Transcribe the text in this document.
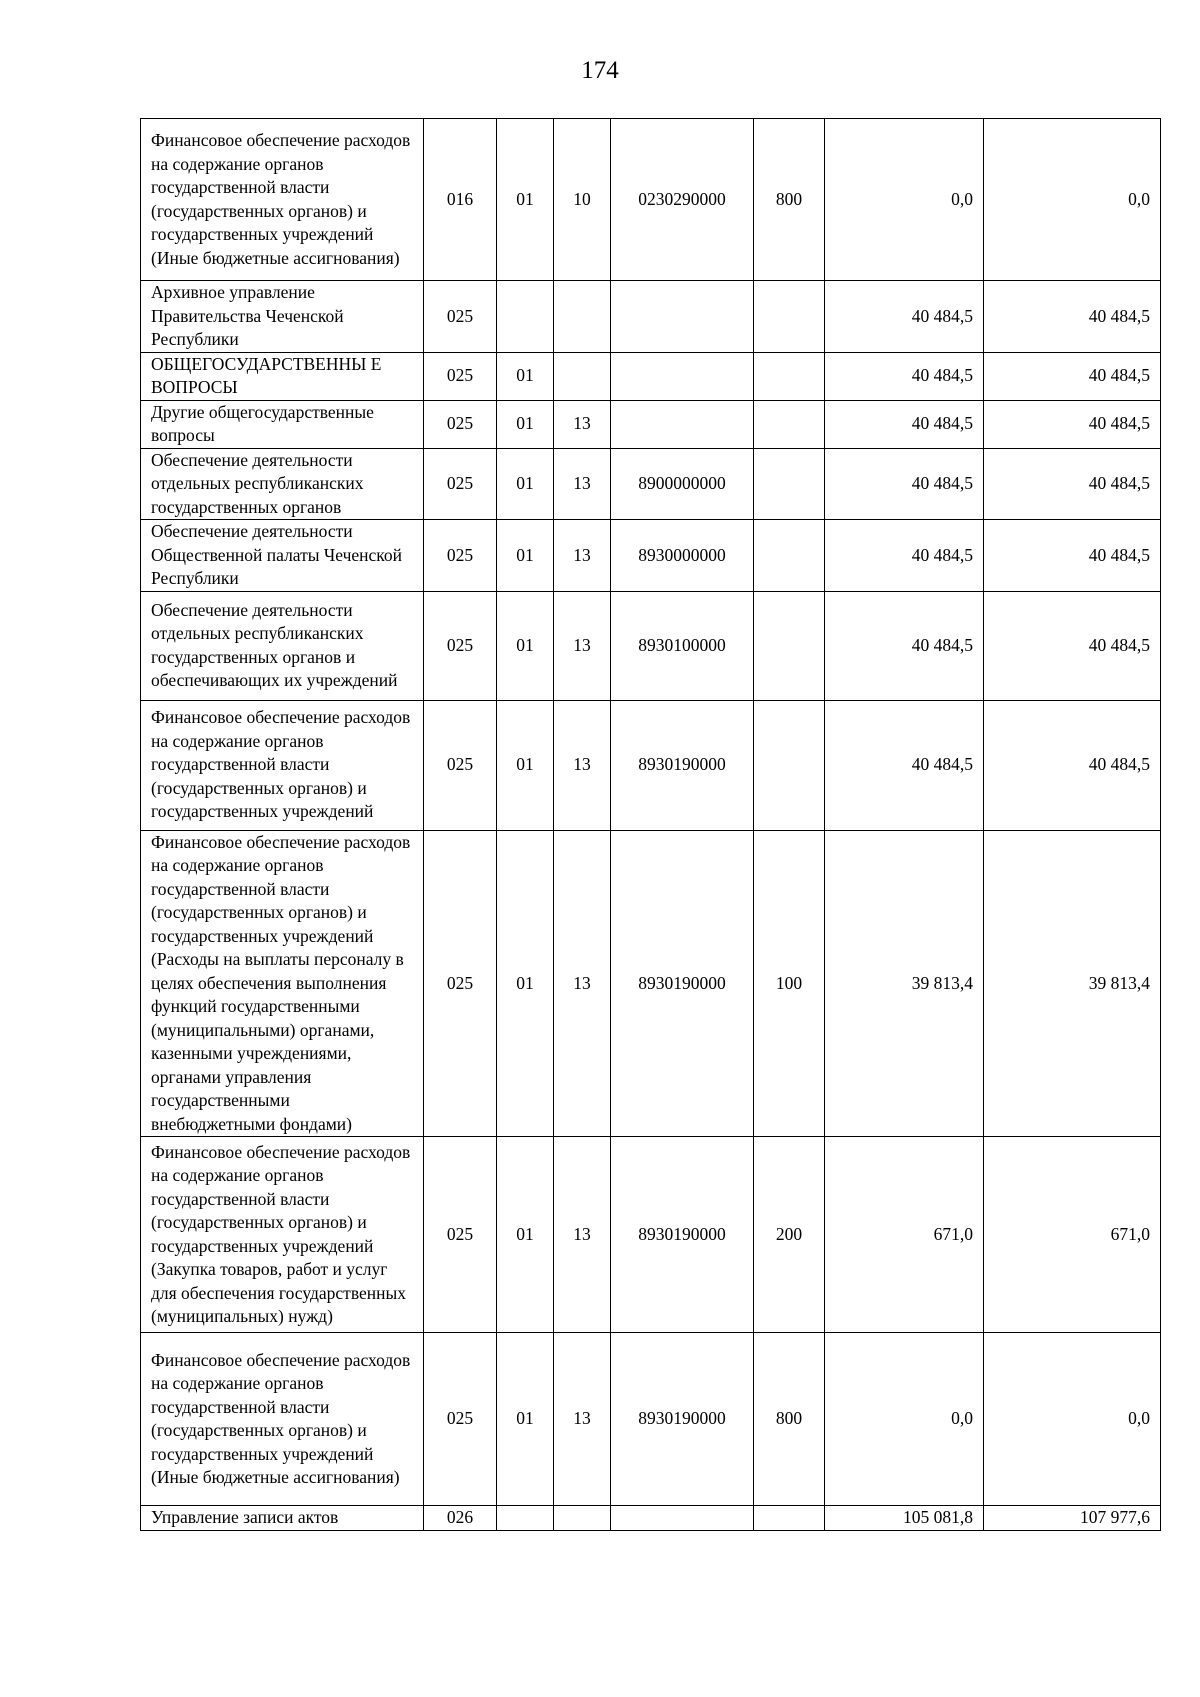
174
Финансовое обеспечение расходов на содержание органов государственной власти (государственных органов) и государственных учреждений (Иные бюджетные ассигнования)	016	01	10	0230290000	800	0,0	0,0
Архивное управление Правительства Чеченской Республики	025					40 484,5	40 484,5
ОБЩЕГОСУДАРСТВЕННЫ Е ВОПРОСЫ	025	01				40 484,5	40 484,5
Другие общегосударственные вопросы	025	01	13			40 484,5	40 484,5
Обеспечение деятельности отдельных республиканских государственных органов	025	01	13	8900000000		40 484,5	40 484,5
Обеспечение деятельности Общественной палаты Чеченской Республики	025	01	13	8930000000		40 484,5	40 484,5
Обеспечение деятельности отдельных республиканских государственных органов и обеспечивающих их учреждений	025	01	13	8930100000		40 484,5	40 484,5
Финансовое обеспечение расходов на содержание органов государственной власти (государственных органов) и государственных учреждений	025	01	13	8930190000		40 484,5	40 484,5
Финансовое обеспечение расходов на содержание органов государственной власти (государственных органов) и государственных учреждений (Расходы на выплаты персоналу в целях обеспечения выполнения функций государственными (муниципальными) органами, казенными учреждениями, органами управления государственными внебюджетными фондами)	025	01	13	8930190000	100	39 813,4	39 813,4
Финансовое обеспечение расходов на содержание органов государственной власти (государственных органов) и государственных учреждений (Закупка товаров, работ и услуг для обеспечения государственных (муниципальных) нужд)	025	01	13	8930190000	200	671,0	671,0
Финансовое обеспечение расходов на содержание органов государственной власти (государственных органов) и государственных учреждений (Иные бюджетные ассигнования)	025	01	13	8930190000	800	0,0	0,0
Управление записи актов	026					105 081,8	107 977,6
